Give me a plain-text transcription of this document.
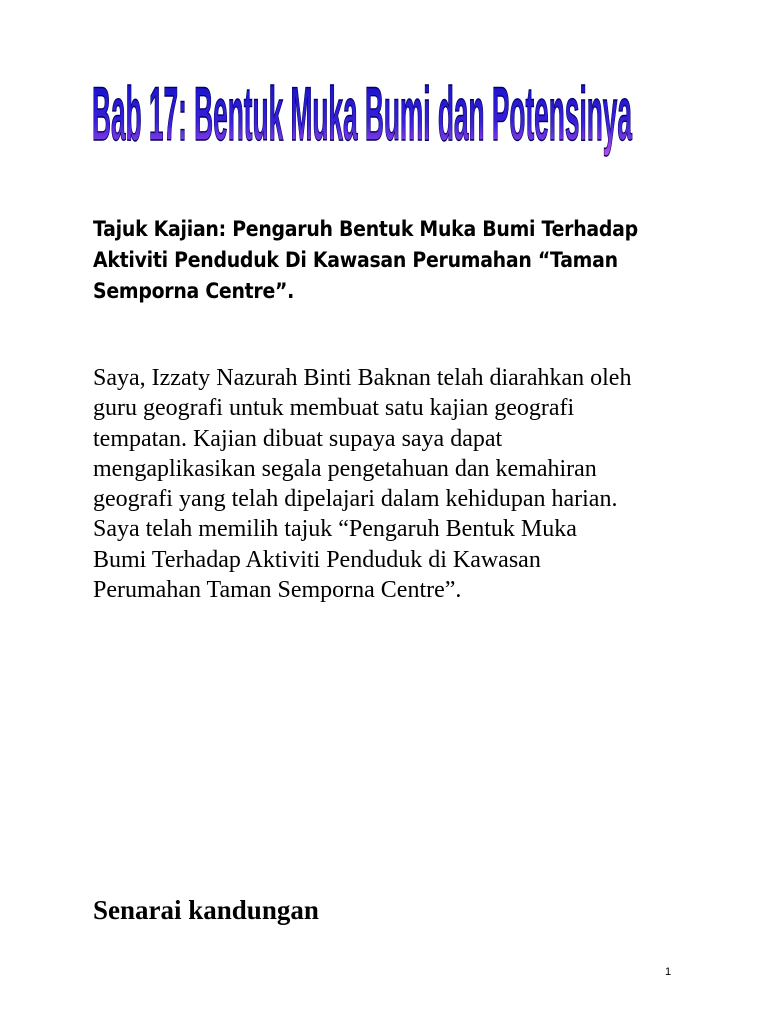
Bab 17: Bentuk Muka Bumi dan Potensinya
Tajuk Kajian: Pengaruh Bentuk Muka Bumi Terhadap
Aktiviti Penduduk Di Kawasan Perumahan “Taman
Semporna Centre”.

Saya, Izzaty Nazurah Binti Baknan telah diarahkan oleh
guru geografi untuk membuat satu kajian geografi
tempatan. Kajian dibuat supaya saya dapat
mengaplikasikan segala pengetahuan dan kemahiran
geografi yang telah dipelajari dalam kehidupan harian.
Saya telah memilih tajuk “Pengaruh Bentuk Muka
Bumi Terhadap Aktiviti Penduduk di Kawasan
Perumahan Taman Semporna Centre”.

Senarai kandungan
1
